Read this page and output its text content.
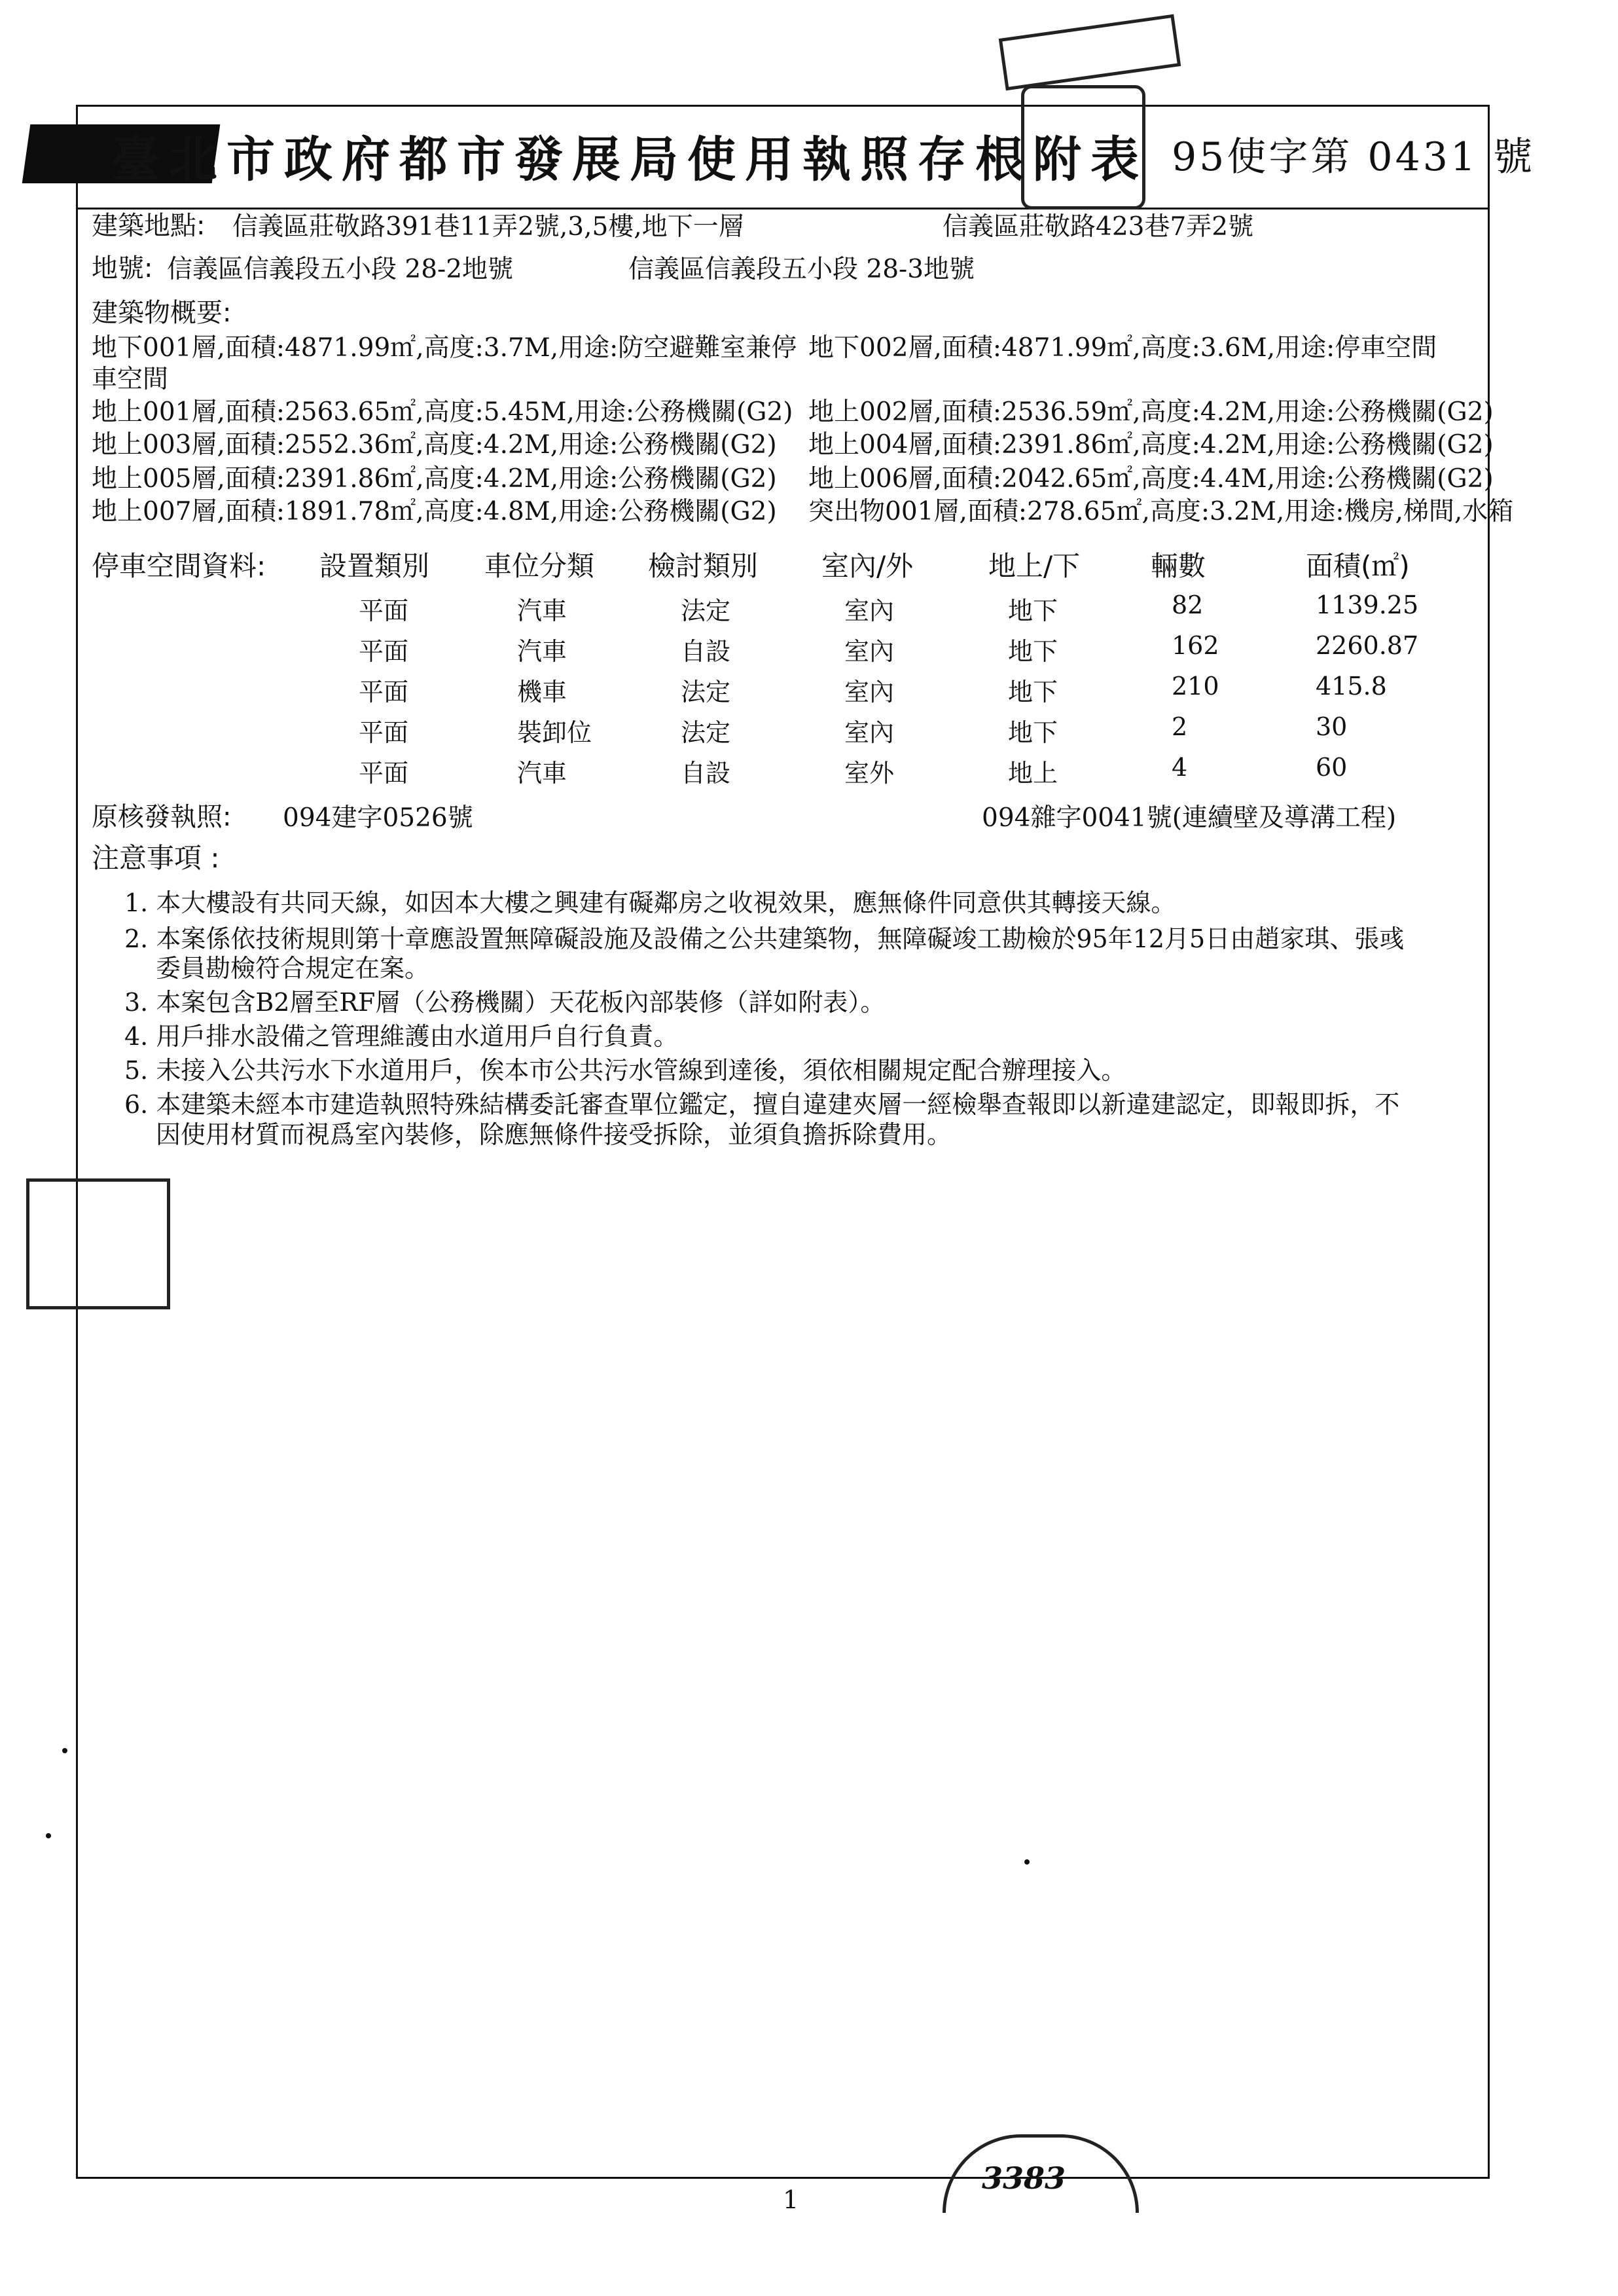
臺北市政府都市發展局使用執照存根附表 95使字第 0431 號
建築地點: 信義區莊敬路391巷11弄2號,3,5樓,地下一層	信義區莊敬路423巷7弄2號
地號: 信義區信義段五小段 28-2地號	信義區信義段五小段 28-3地號
建築物概要:
地下001層,面積:4871.99㎡,高度:3.7M,用途:防空避難室兼停 地下002層,面積:4871.99㎡,高度:3.6M,用途:停車空間
車空間
地上001層,面積:2563.65㎡,高度:5.45M,用途:公務機關(G2) 地上002層,面積:2536.59㎡,高度:4.2M,用途:公務機關(G2)
地上003層,面積:2552.36㎡,高度:4.2M,用途:公務機關(G2) 地上004層,面積:2391.86㎡,高度:4.2M,用途:公務機關(G2)
地上005層,面積:2391.86㎡,高度:4.2M,用途:公務機關(G2) 地上006層,面積:2042.65㎡,高度:4.4M,用途:公務機關(G2)
地上007層,面積:1891.78㎡,高度:4.8M,用途:公務機關(G2) 突出物001層,面積:278.65㎡,高度:3.2M,用途:機房,梯間,水箱
停車空間資料: 設置類別 車位分類 檢討類別 室內/外	地上/下	輛數	面積(㎡)
平面	汽車	法定	室內	地下	82	1139.25
平面	汽車	自設	室內	地下	162	2260.87
平面	機車	法定	室內	地下	210	415.8
平面	裝卸位	法定	室內	地下	2	30
平面	汽車	自設	室外	地上	4	60
原核發執照: 094建字0526號	094雜字0041號(連續壁及導溝工程)
注意事項 :
1. 本大樓設有共同天線，如因本大樓之興建有礙鄰房之收視效果，應無條件同意供其轉接天線。
2. 本案係依技術規則第十章應設置無障礙設施及設備之公共建築物，無障礙竣工勘檢於95年12月5日由趙家琪、張彧
委員勘檢符合規定在案。
3. 本案包含B2層至RF層（公務機關）天花板內部裝修（詳如附表）。
4. 用戶排水設備之管理維護由水道用戶自行負責。
5. 未接入公共污水下水道用戶，俟本市公共污水管線到達後，須依相關規定配合辦理接入。
6. 本建築未經本市建造執照特殊結構委託審查單位鑑定，擅自違建夾層一經檢舉查報即以新違建認定，即報即拆，不
因使用材質而視爲室內裝修，除應無條件接受拆除，並須負擔拆除費用。
3383
1
